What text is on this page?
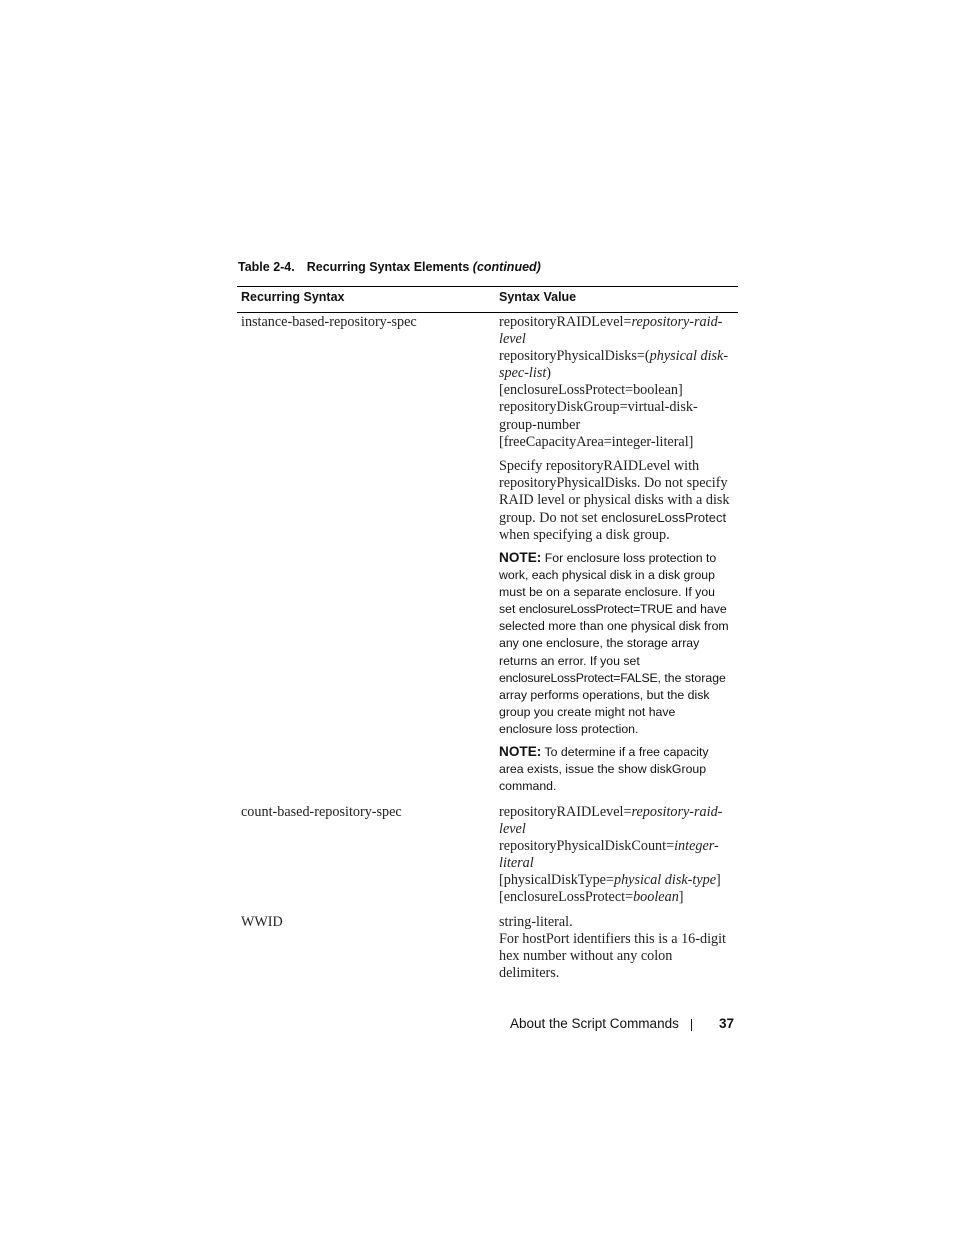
Table 2-4. Recurring Syntax Elements (continued)
Recurring Syntax	Syntax Value
instance-based-repository-spec	repositoryRAIDLevel=repository-raid-
level
repositoryPhysicalDisks=(physical disk-
spec-list)
[enclosureLossProtect=boolean]
repositoryDiskGroup=virtual-disk-
group-number
[freeCapacityArea=integer-literal]
Specify repositoryRAIDLevel with
repositoryPhysicalDisks. Do not specify
RAID level or physical disks with a disk
group. Do not set enclosureLossProtect
when specifying a disk group.
NOTE: For enclosure loss protection to
work, each physical disk in a disk group
must be on a separate enclosure. If you
set enclosureLossProtect=TRUE and have
selected more than one physical disk from
any one enclosure, the storage array
returns an error. If you set
enclosureLossProtect=FALSE, the storage
array performs operations, but the disk
group you create might not have
enclosure loss protection.
NOTE: To determine if a free capacity
area exists, issue the show diskGroup
command.
count-based-repository-spec	repositoryRAIDLevel=repository-raid-
level
repositoryPhysicalDiskCount=integer-
literal
[physicalDiskType=physical disk-type]
[enclosureLossProtect=boolean]
WWID	string-literal.
For hostPort identifiers this is a 16-digit
hex number without any colon
delimiters.
About the Script Commands	37
